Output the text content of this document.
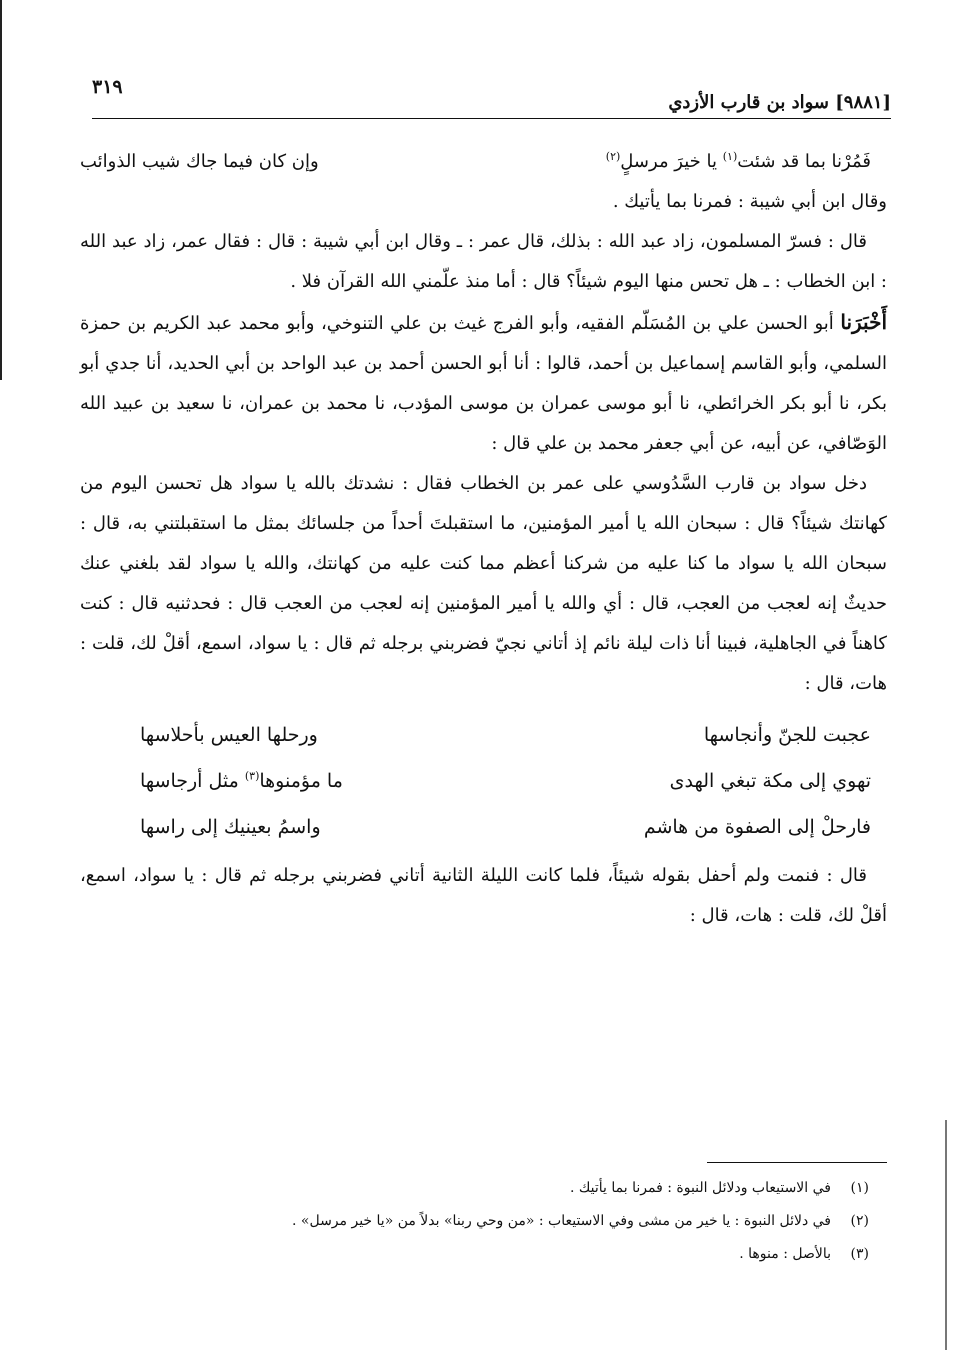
٣١٩
[٩٨٨١] سواد بن قارب الأزدي
فَمُرْنا بما قد شئت$^{(١)}$ يا خيرَ مرسلٍ$^{(٢)}$
وإن كان فيما جاك شيب الذوائب

وقال ابن أبي شيبة : فمرنا بما يأتيك .

قال : فسرّ المسلمون، زاد عبد الله : بذلك، قال عمر : ـ وقال ابن أبي شيبة : قال : فقال عمر، زاد عبد الله : ابن الخطاب : ـ هل تحس منها اليوم شيئاً؟ قال : أما منذ علّمني الله القرآن فلا .

أَخْبَرَنا أبو الحسن علي بن المُسَلّم الفقيه، وأبو الفرج غيث بن علي التنوخي، وأبو محمد عبد الكريم بن حمزة السلمي، وأبو القاسم إسماعيل بن أحمد، قالوا : أنا أبو الحسن أحمد بن عبد الواحد بن أبي الحديد، أنا جدي أبو بكر، نا أبو بكر الخرائطي، نا أبو موسى عمران بن موسى المؤدب، نا محمد بن عمران، نا سعيد بن عبيد الله الوَصّافي، عن أبيه، عن أبي جعفر محمد بن علي قال :

دخل سواد بن قارب السَّدُوسي على عمر بن الخطاب فقال : نشدتك بالله يا سواد هل تحسن اليوم من كهانتك شيئاً؟ قال : سبحان الله يا أمير المؤمنين، ما استقبلتَ أحداً من جلسائك بمثل ما استقبلتني به، قال : سبحان الله يا سواد ما كنا عليه من شركنا أعظم مما كنت عليه من كهانتك، والله يا سواد لقد بلغني عنك حديثٌ إنه لعجب من العجب، قال : أي والله يا أمير المؤمنين إنه لعجب من العجب قال : فحدثنيه قال : كنت كاهناً في الجاهلية، فبينا أنا ذات ليلة نائم إذ أتاني نجيّ فضربني برجله ثم قال : يا سواد، اسمع، أقلْ لك، قلت : هات، قال :

عجبت للجنّ وأنجاسها
ورحلها العيس بأحلاسها
تهوي إلى مكة تبغي الهدى
ما مؤمنوها$^{(٣)}$ مثل أرجاسها
فارحلْ إلى الصفوة من هاشم
واسمُ بعينيك إلى راسها

قال : فنمت ولم أحفل بقوله شيئاً، فلما كانت الليلة الثانية أتاني فضربني برجله ثم قال : يا سواد، اسمع، أقلْ لك، قلت : هات، قال :

(١)
في الاستيعاب ودلائل النبوة : فمرنا بما يأتيك .
(٢)
في دلائل النبوة : يا خير من مشى وفي الاستيعاب : «من وحي ربنا» بدلاً من «يا خير مرسل» .
(٣)
بالأصل : منوها .
